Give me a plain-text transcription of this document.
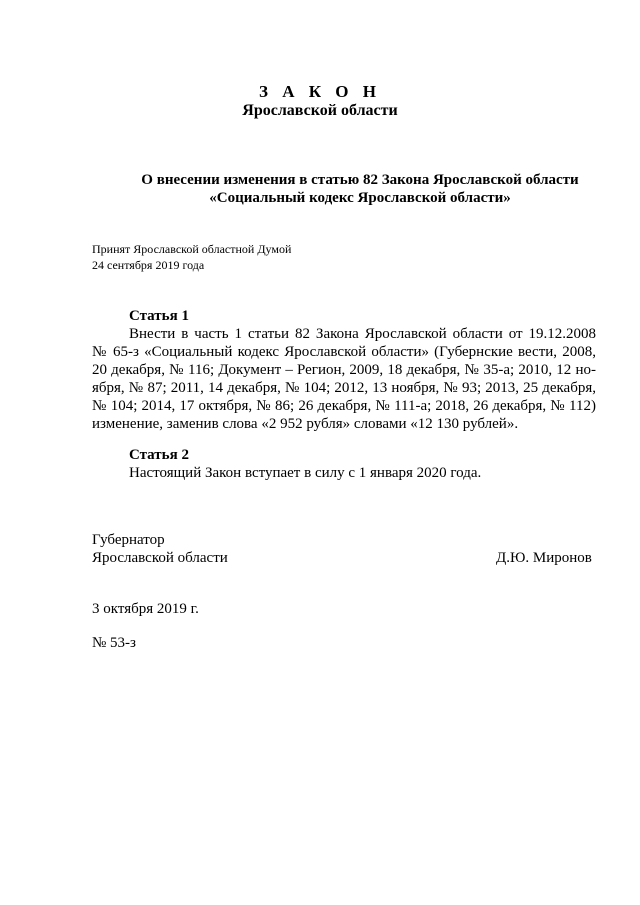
З А К О Н
Ярославской области
О внесении изменения в статью 82 Закона Ярославской области
«Социальный кодекс Ярославской области»
Принят Ярославской областной Думой
24 сентября 2019 года
Статья 1
Внести в часть 1 статьи 82 Закона Ярославской области от 19.12.2008
№ 65-з «Социальный кодекс Ярославской области» (Губернские вести, 2008,
20 декабря, № 116; Документ – Регион, 2009, 18 декабря, № 35-а; 2010, 12 но-
ября, № 87; 2011, 14 декабря, № 104; 2012, 13 ноября, № 93; 2013, 25 декабря,
№ 104; 2014, 17 октября, № 86; 26 декабря, № 111-а; 2018, 26 декабря, № 112)
изменение, заменив слова «2 952 рубля» словами «12 130 рублей».
Статья 2
Настоящий Закон вступает в силу с 1 января 2020 года.
Губернатор
Ярославской области	Д.Ю. Миронов
3 октября 2019 г.
№ 53-з
